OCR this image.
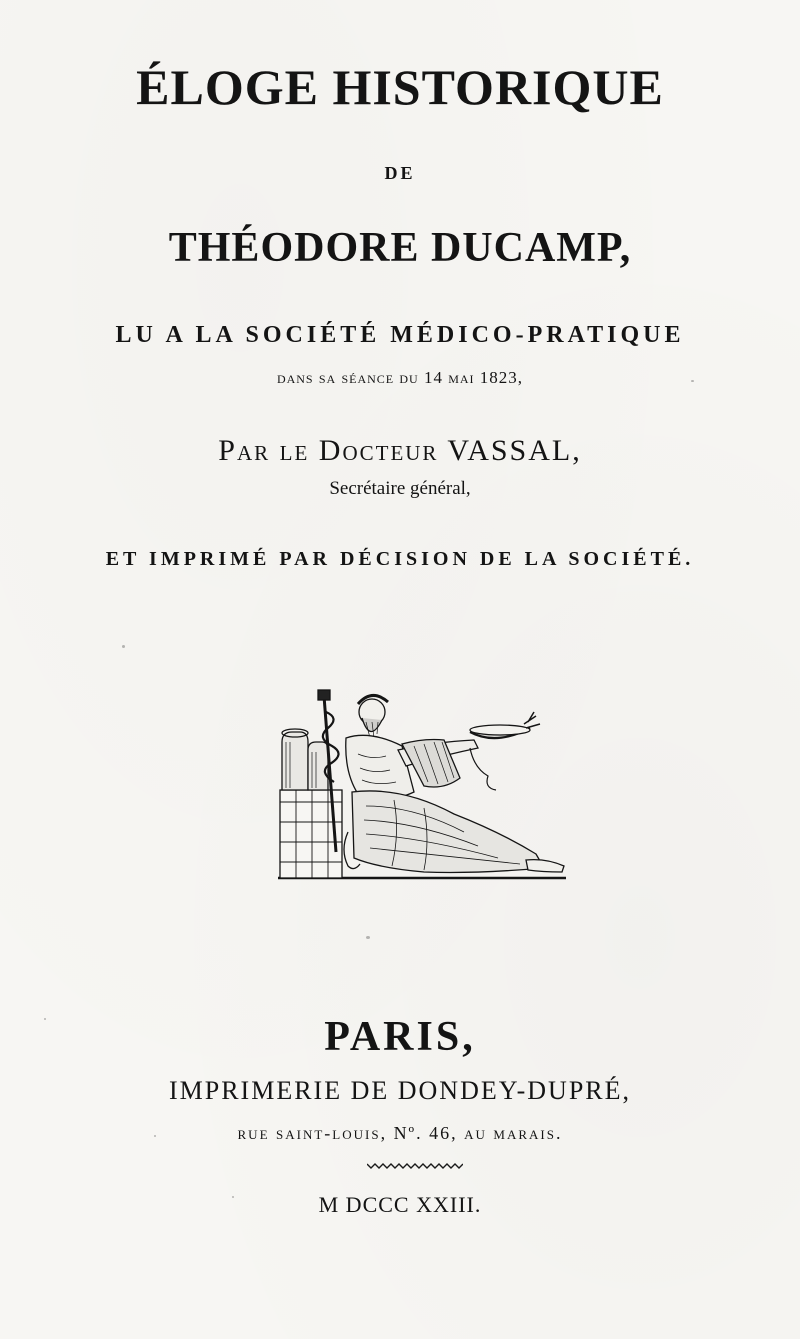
ÉLOGE HISTORIQUE
DE
THÉODORE DUCAMP,
LU A LA SOCIÉTÉ MÉDICO-PRATIQUE
dans sa séance du 14 mai 1823,
Par le Docteur VASSAL,
Secrétaire général,
ET IMPRIMÉ PAR DÉCISION DE LA SOCIÉTÉ.
PARIS,
IMPRIMERIE DE DONDEY-DUPRÉ,
rue saint-louis, Nº. 46, au marais.
M DCCC XXIII.
